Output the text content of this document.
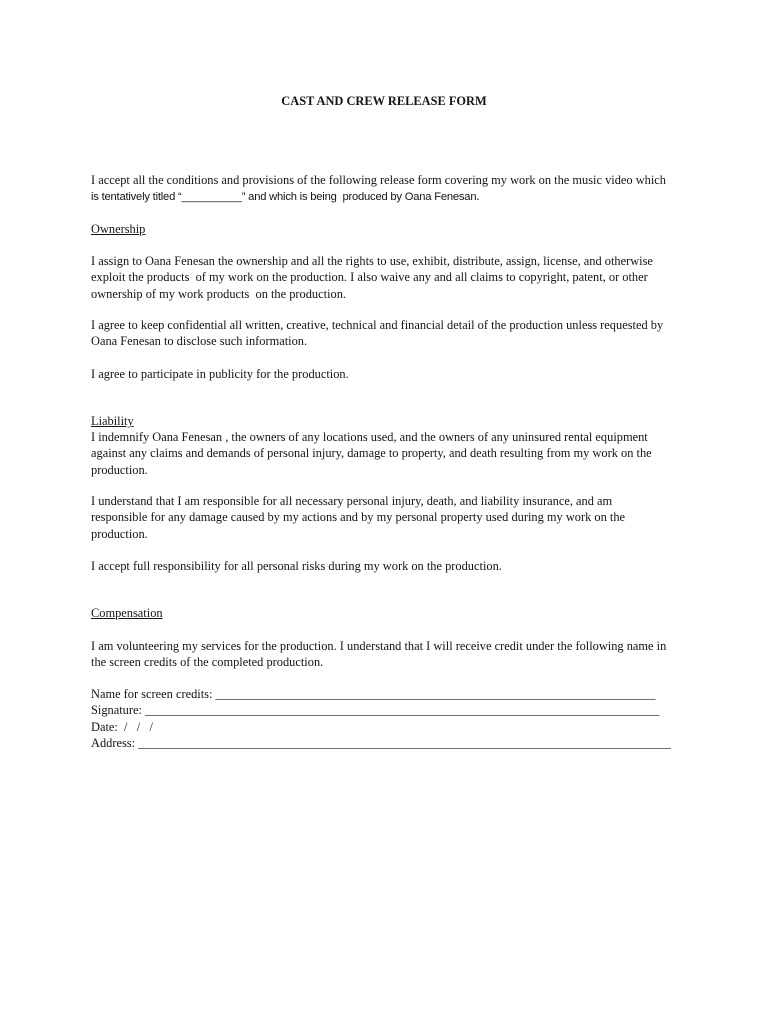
CAST AND CREW RELEASE FORM
I accept all the conditions and provisions of the following release form covering my work on the music video which
is tentatively titled “__________” and which is being  produced by Oana Fenesan.
Ownership
I assign to Oana Fenesan the ownership and all the rights to use, exhibit, distribute, assign, license, and otherwise
exploit the products  of my work on the production. I also waive any and all claims to copyright, patent, or other
ownership of my work products  on the production.
I agree to keep confidential all written, creative, technical and financial detail of the production unless requested by
Oana Fenesan to disclose such information.
I agree to participate in publicity for the production.
Liability
I indemnify Oana Fenesan , the owners of any locations used, and the owners of any uninsured rental equipment
against any claims and demands of personal injury, damage to property, and death resulting from my work on the
production.
I understand that I am responsible for all necessary personal injury, death, and liability insurance, and am
responsible for any damage caused by my actions and by my personal property used during my work on the
production.
I accept full responsibility for all personal risks during my work on the production.
Compensation
I am volunteering my services for the production. I understand that I will receive credit under the following name in
the screen credits of the completed production.
Name for screen credits: _______________________________________________________________________
Signature: ___________________________________________________________________________________
Date:  /   /   /
Address: ______________________________________________________________________________________
